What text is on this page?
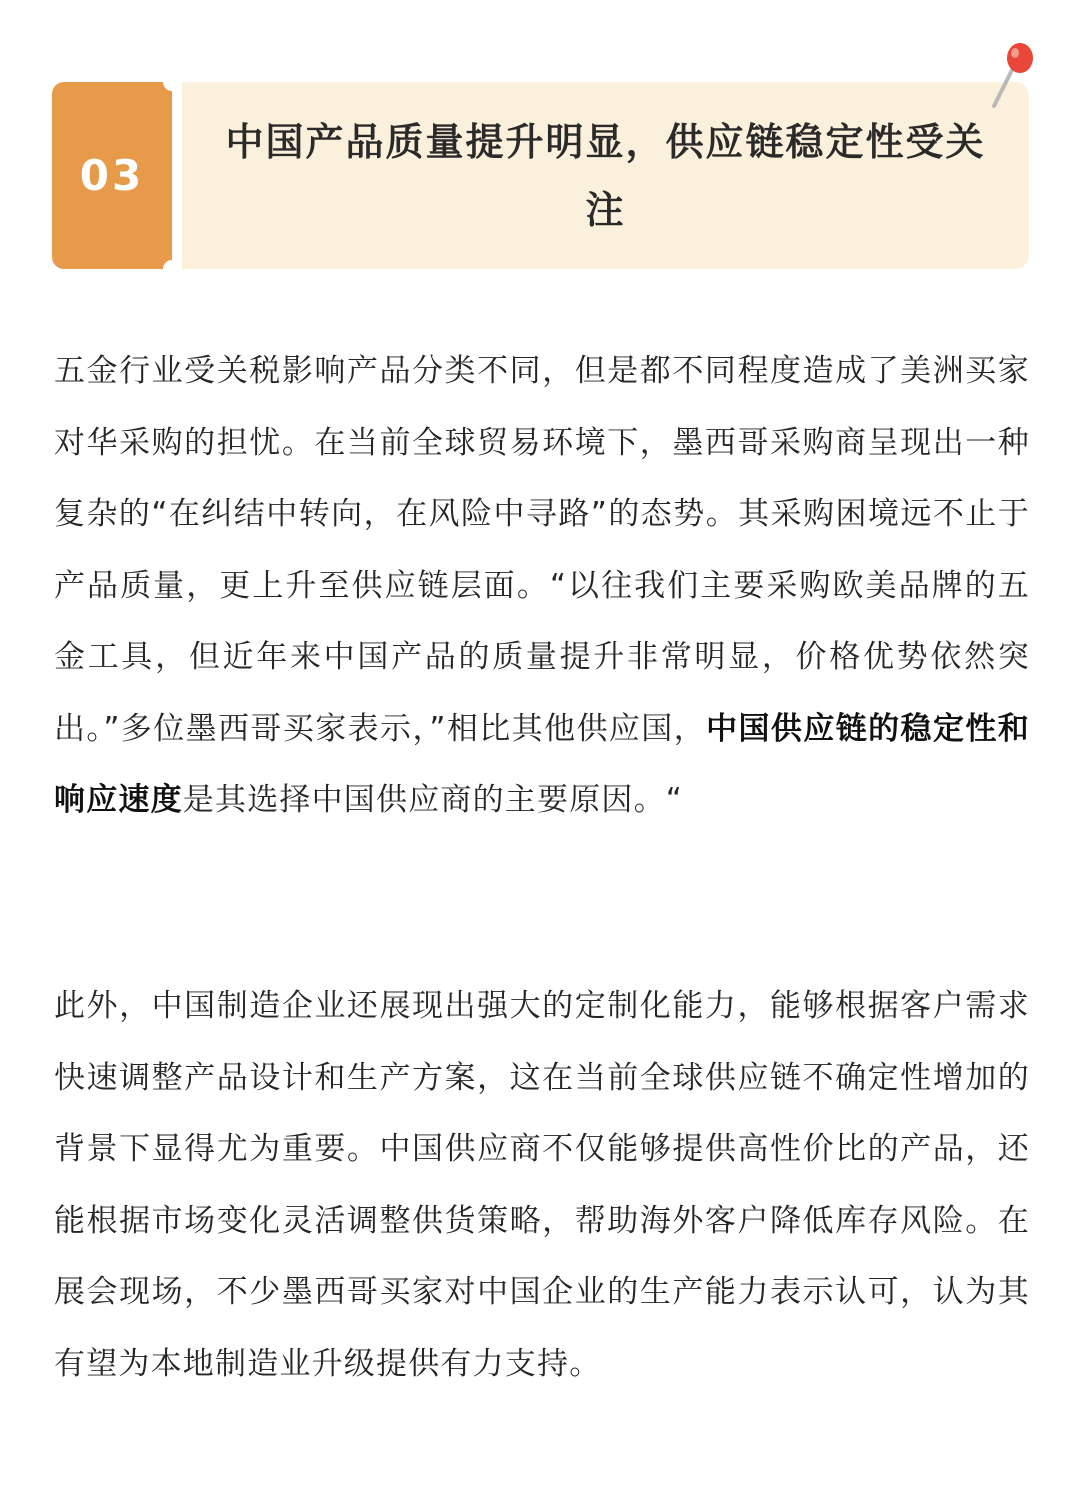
03
中国产品质量提升明显，供应链稳定性受关注

五金行业受关税影响产品分类不同，但是都不同程度造成了美洲买家对华采购的担忧。在当前全球贸易环境下，墨西哥采购商呈现出一种复杂的“在纠结中转向，在风险中寻路”的态势。其采购困境远不止于产品质量，更上升至供应链层面。“以往我们主要采购欧美品牌的五金工具，但近年来中国产品的质量提升非常明显，价格优势依然突出。”多位墨西哥买家表示，”相比其他供应国，中国供应链的稳定性和响应速度是其选择中国供应商的主要原因。“

此外，中国制造企业还展现出强大的定制化能力，能够根据客户需求快速调整产品设计和生产方案，这在当前全球供应链不确定性增加的背景下显得尤为重要。中国供应商不仅能够提供高性价比的产品，还能根据市场变化灵活调整供货策略，帮助海外客户降低库存风险。在展会现场，不少墨西哥买家对中国企业的生产能力表示认可，认为其有望为本地制造业升级提供有力支持。
